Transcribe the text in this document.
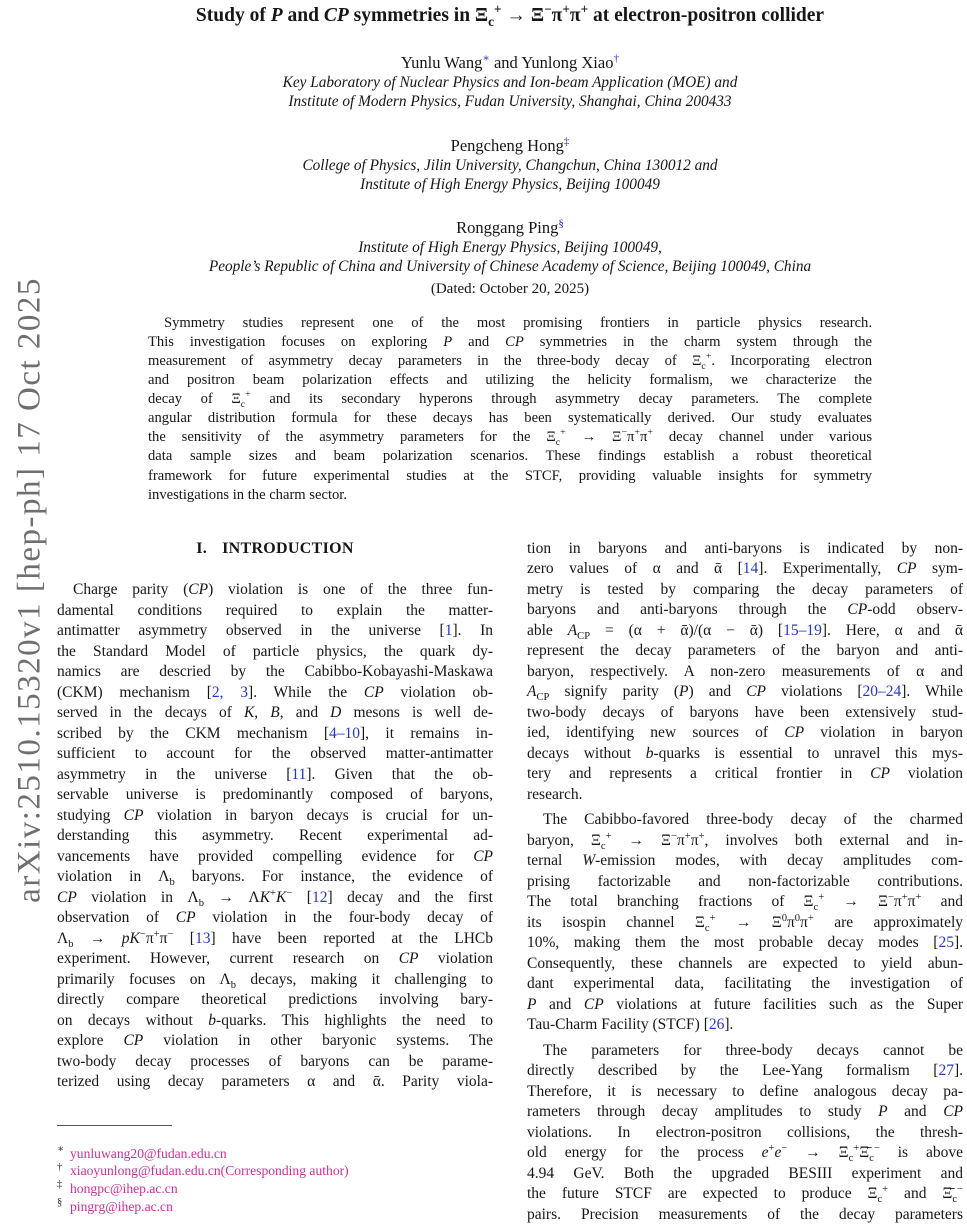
arXiv:2510.15320v1 [hep-ph] 17 Oct 2025
Study of P and CP symmetries in $\Xi_c^+ \to \Xi^-\pi^+\pi^+$ at electron-positron collider
Yunlu Wang∗ and Yunlong Xiao†
Key Laboratory of Nuclear Physics and Ion-beam Application (MOE) and
Institute of Modern Physics, Fudan University, Shanghai, China 200433
Pengcheng Hong‡
College of Physics, Jilin University, Changchun, China 130012 and
Institute of High Energy Physics, Beijing 100049
Ronggang Ping§
Institute of High Energy Physics, Beijing 100049,
People’s Republic of China and University of Chinese Academy of Science, Beijing 100049, China
(Dated: October 20, 2025)
Symmetry studies represent one of the most promising frontiers in particle physics research.
This investigation focuses on exploring P and CP symmetries in the charm system through the
measurement of asymmetry decay parameters in the three-body decay of $\Xi_c^+$. Incorporating electron
and positron beam polarization effects and utilizing the helicity formalism, we characterize the
decay of $\Xi_c^+$ and its secondary hyperons through asymmetry decay parameters. The complete
angular distribution formula for these decays has been systematically derived. Our study evaluates
the sensitivity of the asymmetry parameters for the $\Xi_c^+ \to \Xi^-\pi^+\pi^+$ decay channel under various
data sample sizes and beam polarization scenarios. These findings establish a robust theoretical
framework for future experimental studies at the STCF, providing valuable insights for symmetry
investigations in the charm sector.
I. INTRODUCTION
Charge parity (CP) violation is one of the three fun-
damental conditions required to explain the matter-
antimatter asymmetry observed in the universe [1]. In
the Standard Model of particle physics, the quark dy-
namics are descried by the Cabibbo-Kobayashi-Maskawa
(CKM) mechanism [2, 3]. While the CP violation ob-
served in the decays of K, B, and D mesons is well de-
scribed by the CKM mechanism [4–10], it remains in-
sufficient to account for the observed matter-antimatter
asymmetry in the universe [11]. Given that the ob-
servable universe is predominantly composed of baryons,
studying CP violation in baryon decays is crucial for un-
derstanding this asymmetry. Recent experimental ad-
vancements have provided compelling evidence for CP
violation in $\Lambda_b$ baryons. For instance, the evidence of
CP violation in $\Lambda_b \to \Lambda K^+K^-$ [12] decay and the first
observation of CP violation in the four-body decay of
$\Lambda_b \to pK^-\pi^+\pi^-$ [13] have been reported at the LHCb
experiment. However, current research on CP violation
primarily focuses on $\Lambda_b$ decays, making it challenging to
directly compare theoretical predictions involving bary-
on decays without b-quarks. This highlights the need to
explore CP violation in other baryonic systems. The
two-body decay processes of baryons can be parame-
terized using decay parameters α and ᾱ. Parity viola-
∗ yunluwang20@fudan.edu.cn
† xiaoyunlong@fudan.edu.cn(Corresponding author)
‡ hongpc@ihep.ac.cn
§ pingrg@ihep.ac.cn
tion in baryons and anti-baryons is indicated by non-
zero values of α and ᾱ [14]. Experimentally, CP sym-
metry is tested by comparing the decay parameters of
baryons and anti-baryons through the CP-odd observ-
able $A_{CP} = (\alpha$ + ᾱ)/(α − ᾱ) [15–19]. Here, α and ᾱ
represent the decay parameters of the baryon and anti-
baryon, respectively. A non-zero measurements of α and
$A_{CP}$ signify parity (P) and CP violations [20–24]. While
two-body decays of baryons have been extensively stud-
ied, identifying new sources of CP violation in baryon
decays without b-quarks is essential to unravel this mys-
tery and represents a critical frontier in CP violation
research.
The Cabibbo-favored three-body decay of the charmed
baryon, $\Xi_c^+ \to \Xi^-\pi^+\pi^+$, involves both external and in-
ternal W-emission modes, with decay amplitudes com-
prising factorizable and non-factorizable contributions.
The total branching fractions of $\Xi_c^+ \to \Xi^-\pi^+\pi^+$ and
its isospin channel $\Xi_c^+ \to \Xi^0\pi^0\pi^+$ are approximately
10%, making them the most probable decay modes [25].
Consequently, these channels are expected to yield abun-
dant experimental data, facilitating the investigation of
P and CP violations at future facilities such as the Super
Tau-Charm Facility (STCF) [26].
The parameters for three-body decays cannot be
directly described by the Lee-Yang formalism [27].
Therefore, it is necessary to define analogous decay pa-
rameters through decay amplitudes to study P and CP
violations. In electron-positron collisions, the thresh-
old energy for the process $e^+e^- \to \Xi_c^+\Xī_c^-$ is above
4.94 GeV. Both the upgraded BESIII experiment and
the future STCF are expected to produce $\Xi_c^+$ and $\Xī_c^-$
pairs. Precision measurements of the decay parameters
